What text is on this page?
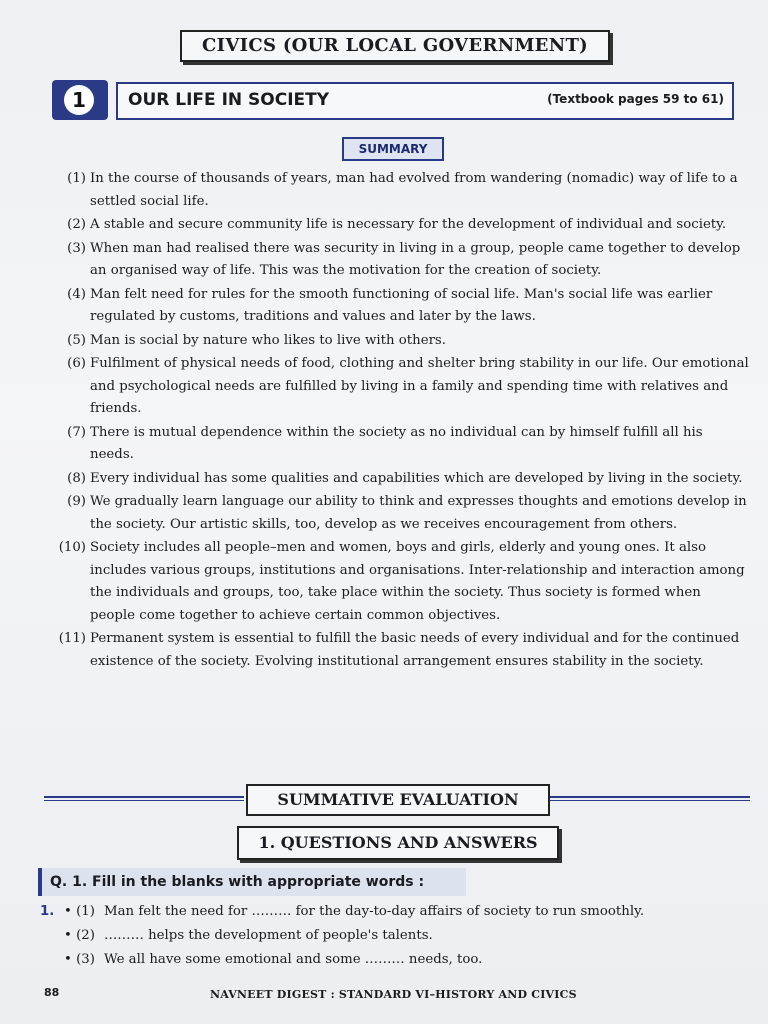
CIVICS (OUR LOCAL GOVERNMENT)
1	OUR LIFE IN SOCIETY	(Textbook pages 59 to 61)
SUMMARY
(1) In the course of thousands of years, man had evolved from wandering (nomadic) way of life to a settled social life.
(2) A stable and secure community life is necessary for the development of individual and society.
(3) When man had realised there was security in living in a group, people came together to develop an organised way of life. This was the motivation for the creation of society.
(4) Man felt need for rules for the smooth functioning of social life. Man's social life was earlier regulated by customs, traditions and values and later by the laws.
(5) Man is social by nature who likes to live with others.
(6) Fulfilment of physical needs of food, clothing and shelter bring stability in our life. Our emotional and psychological needs are fulfilled by living in a family and spending time with relatives and friends.
(7) There is mutual dependence within the society as no individual can by himself fulfill all his needs.
(8) Every individual has some qualities and capabilities which are developed by living in the society.
(9) We gradually learn language our ability to think and expresses thoughts and emotions develop in the society. Our artistic skills, too, develop as we receives encouragement from others.
(10) Society includes all people–men and women, boys and girls, elderly and young ones. It also includes various groups, institutions and organisations. Inter-relationship and interaction among the individuals and groups, too, take place within the society. Thus society is formed when people come together to achieve certain common objectives.
(11) Permanent system is essential to fulfill the basic needs of every individual and for the continued existence of the society. Evolving institutional arrangement ensures stability in the society.
SUMMATIVE EVALUATION
1. QUESTIONS AND ANSWERS
Q. 1. Fill in the blanks with appropriate words :
1. • (1) Man felt the need for ……… for the day-to-day affairs of society to run smoothly.
• (2) ……… helps the development of people's talents.
• (3) We all have some emotional and some ……… needs, too.
88	NAVNEET DIGEST : STANDARD VI–HISTORY AND CIVICS
